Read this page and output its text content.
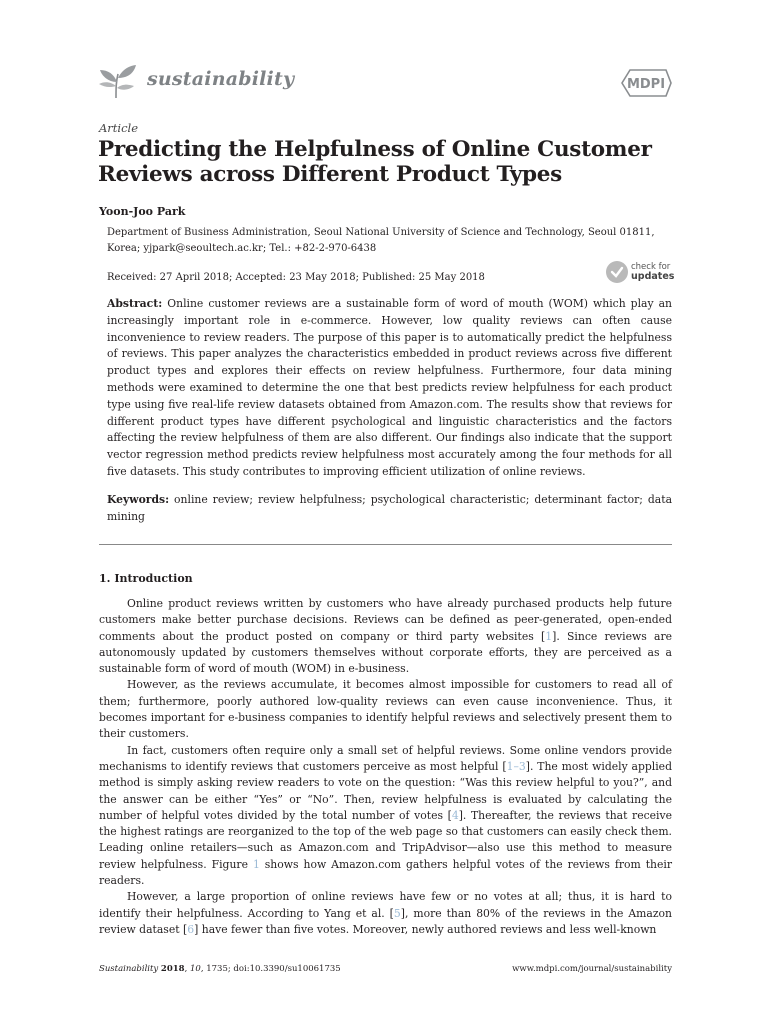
sustainability	MDPI
Article
Predicting the Helpfulness of Online Customer Reviews across Different Product Types
Yoon-Joo Park
Department of Business Administration, Seoul National University of Science and Technology, Seoul 01811, Korea; yjpark@seoultech.ac.kr; Tel.: +82-2-970-6438
Received: 27 April 2018; Accepted: 23 May 2018; Published: 25 May 2018
check for
updates
Abstract: Online customer reviews are a sustainable form of word of mouth (WOM) which play an increasingly important role in e-commerce. However, low quality reviews can often cause inconvenience to review readers. The purpose of this paper is to automatically predict the helpfulness of reviews. This paper analyzes the characteristics embedded in product reviews across five different product types and explores their effects on review helpfulness. Furthermore, four data mining methods were examined to determine the one that best predicts review helpfulness for each product type using five real-life review datasets obtained from Amazon.com. The results show that reviews for different product types have different psychological and linguistic characteristics and the factors affecting the review helpfulness of them are also different. Our findings also indicate that the support vector regression method predicts review helpfulness most accurately among the four methods for all five datasets. This study contributes to improving efficient utilization of online reviews.
Keywords: online review; review helpfulness; psychological characteristic; determinant factor; data mining
1. Introduction

Online product reviews written by customers who have already purchased products help future customers make better purchase decisions. Reviews can be defined as peer-generated, open-ended comments about the product posted on company or third party websites [1]. Since reviews are autonomously updated by customers themselves without corporate efforts, they are perceived as a sustainable form of word of mouth (WOM) in e-business.

However, as the reviews accumulate, it becomes almost impossible for customers to read all of them; furthermore, poorly authored low-quality reviews can even cause inconvenience. Thus, it becomes important for e-business companies to identify helpful reviews and selectively present them to their customers.

In fact, customers often require only a small set of helpful reviews. Some online vendors provide mechanisms to identify reviews that customers perceive as most helpful [1–3]. The most widely applied method is simply asking review readers to vote on the question: “Was this review helpful to you?”, and the answer can be either “Yes” or “No”. Then, review helpfulness is evaluated by calculating the number of helpful votes divided by the total number of votes [4]. Thereafter, the reviews that receive the highest ratings are reorganized to the top of the web page so that customers can easily check them. Leading online retailers—such as Amazon.com and TripAdvisor—also use this method to measure review helpfulness. Figure 1 shows how Amazon.com gathers helpful votes of the reviews from their readers.

However, a large proportion of online reviews have few or no votes at all; thus, it is hard to identify their helpfulness. According to Yang et al. [5], more than 80% of the reviews in the Amazon review dataset [6] have fewer than five votes. Moreover, newly authored reviews and less well-known

Sustainability 2018, 10, 1735; doi:10.3390/su10061735	www.mdpi.com/journal/sustainability
